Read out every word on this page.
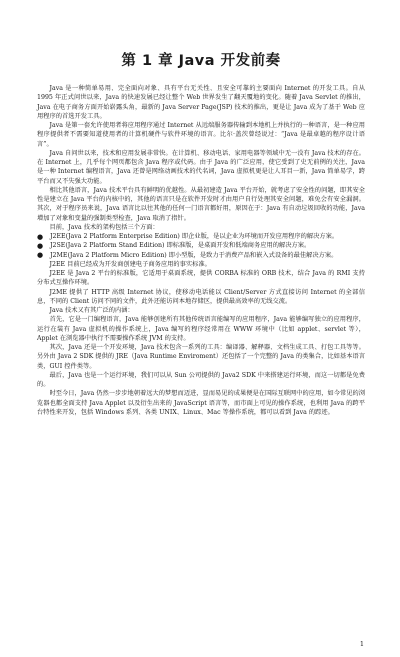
第 1 章 Java 开发前奏

Java 是一种简单易用、完全面向对象、具有平台无关性、且安全可靠的主要面向 Internet 的开发工具。自从 1995 年正式问世以来，Java 的快速发展已经让整个 Web 世界发生了翻天覆地的变化。随着 Java Servlet 的推出，Java 在电子商务方面开始崭露头角，最新的 Java Server Page(JSP) 技术的推出，更是让 Java 成为了基于 Web 应用程序的首选开发工具。

Java 是第一套允许使用者将应用程序通过 Internet 从远端服务器传输到本地机上并执行的一种语言，是一种应用程序提供者不需要知道使用者的计算机硬件与软件环境的语言。比尔·盖茨曾经说过：“Java 是最卓越的程序设计语言”。

Java 自问世以来，技术和应用发展非常快。在计算机、移动电话、家用电器等领域中无一没有 Java 技术的存在。在 Internet 上，几乎每个网页都包含 Java 程序或代码。由于 Java 的广泛应用，使它受到了史无前例的关注，Java 是一种 Internet 编程语言，Java 还曾是网络动画技术的代名词，Java 虚拟机更是让人耳目一新，Java 简单易学，跨平台而又不失强大功能。

相比其他语言，Java 技术平台具有鲜明的优越性。从最初建造 Java 平台开始，就考虑了安全性的问题，即其安全性是建立在 Java 平台的内核中的，其他的语言只是在软件开发时才由用户自行处理其安全问题，难免会有安全漏洞。其次，对于程序员来说，Java 语言比以往其他的任何一门语言都好用，原因在于：Java 有自动垃圾回收的功能，Java 增加了对象和变量的强制类型检查，Java 取消了指针。

目前，Java 技术的架构包括三个方面：

● J2EE(Java 2 Platform Enterprise Edition) 即企业版，是以企业为环境而开发应用程序的解决方案。
● J2SE(Java 2 Platform Stand Edition) 即标准版，是桌面开发和低端商务应用的解决方案。
● J2ME(Java 2 Platform Micro Edition) 即小型版，是致力于消费产品和嵌入式设备的最佳解决方案。

J2EE 目前已经成为开发商创建电子商务应用的事实标准。

J2EE 是 Java 2 平台的标准版，它适用于桌面系统，提供 CORBA 标准的 ORB 技术，结合 Java 的 RMI 支持分布式互操作环境。

J2ME 提供了 HTTP 高级 Internet 协议，使移动电话能以 Client/Server 方式直接访问 Internet 的全部信息，不同的 Client 访问不同的文件，此外还能访问本地存储区，提供最高效率的无线交流。

Java 技术又有其广泛的内涵：

首先，它是一门编程语言，Java 能够创建所有其他传统语言能编写的应用程序，Java 能够编写独立的应用程序，运行在装有 Java 虚拟机的操作系统上，Java 编写的程序经常用在 WWW 环境中（比如 applet、servlet 等），Applet 在浏览器中执行不需要操作系统 JVM 的支持。

其次，Java 还是一个开发环境，Java 技术包含一系列的工具：编译器、解释器、文档生成工具、打包工具等等。另外由 Java 2 SDK 提供的 JRE（Java Runtime Enviroment）还包括了一个完整的 Java 的类集合，比如基本语言类，GUI 控件类等。

最后，Java 也是一个运行环境，我们可以从 Sun 公司提供的 Java2 SDK 中来搭建运行环境，而这一切都是免费的。

时至今日，Java 仍然一步步地朝着远大的梦想而迈进，显而易见的成果便是在国际互联网中的应用，如今常见的浏览器也都全面支持 Java Applet 以及衍生出来的 JavaScript 语言等，而市面上可见的操作系统，也利用 Java 的跨平台特性来开发，包括 Windows 系列、各类 UNIX、Linux、Mac 等操作系统，都可以看到 Java 的踪迹。

1
